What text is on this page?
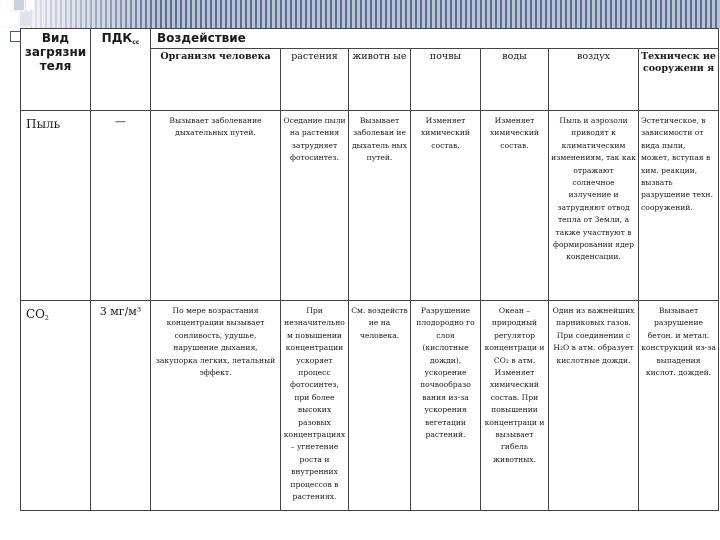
Вид загрязни теля	$ПДК_{сс}$	Воздействие						
		Организм человека	растения	животн ые	почвы	воды	воздух	Техническ ие сооружени я
Пыль	—	Вызывает заболевание дыхательных путей.	Оседание пыли на растения затрудняет фотосинтез.	Вызывает заболеван ие дыхатель ных путей.	Изменяет химический состав.	Изменяет химический состав.	Пыль и аэрозоли приводят к климатическим изменениям, так как отражают солнечное излучение и затрудняют отвод тепла от Земли, а также участвуют в формировании ядер конденсации.	Эстетическое, в зависимости от вида пыли, может, вступая в хим. реакции, вызвать разрушение техн. сооружений.
$CO_2$	3 мг/м³	По мере возрастания концентрации вызывает сонливость, удушье, нарушение дыхания, закупорка легких, летальный эффект.	При незначительно м повышении концентрации ускоряет процесс фотосинтез, при более высоких разовых концентрациях – угнетение роста и внутренних процессов в растениях.	См. воздейств ие на человека.	Разрушение плодородно го слоя (кислотные дожди), ускорение почвообразо вания из-за ускорения вегетации растений.	Океан – природный регулятор концентраци и CO₂ в атм. Изменяет химический состав. При повышении концентраци и вызывает гибель животных.	Один из важнейших парниковых газов. При соединении с H₂O в атм. образует кислотные дожди.	Вызывает разрушение бетон. и метал. конструкций из-за выпадения кислот. дождей.
